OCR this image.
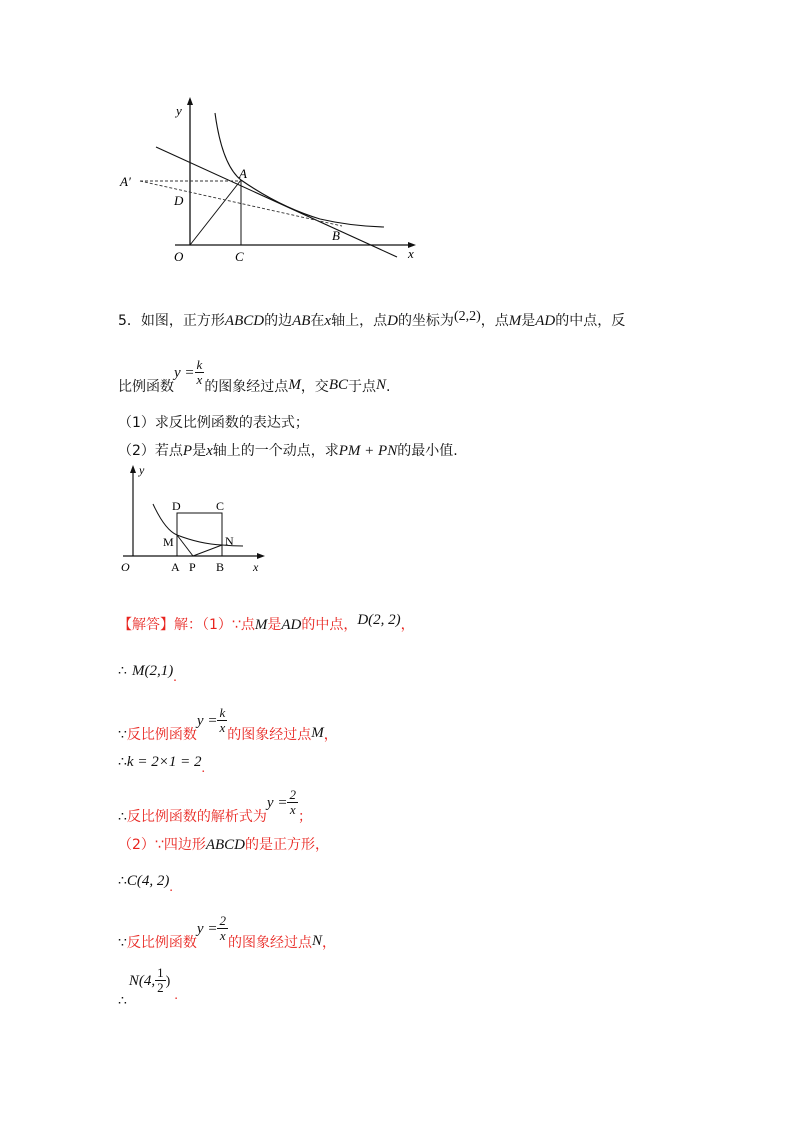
y
A
A′
D
B
O	C	x
5．如图，正方形ABCD的边AB在x轴上，点D的坐标为(2,2)，点M是AD的中点，反
比例函数$y = \frac{k}{x}$ 的图象经过点M，交BC于点N.
（1）求反比例函数的表达式；
（2）若点P是x轴上的一个动点，求PM + PN的最小值.
y
D	C
M	N
O	A P B x
【解答】解：（1）∵点M是AD的中点，D(2, 2)，
∴ M(2,1).
∵反比例函数$y = \frac{k}{x}$ 的图象经过点M，
∴k = 2×1 = 2.
∴反比例函数的解析式为$y = \frac{2}{x}$ ；
（2）∵四边形ABCD的是正方形，
∴C(4, 2).
∵反比例函数$y = \frac{2}{x}$ 的图象经过点N，
∴N(4, $\frac{1}{2}$ ).
